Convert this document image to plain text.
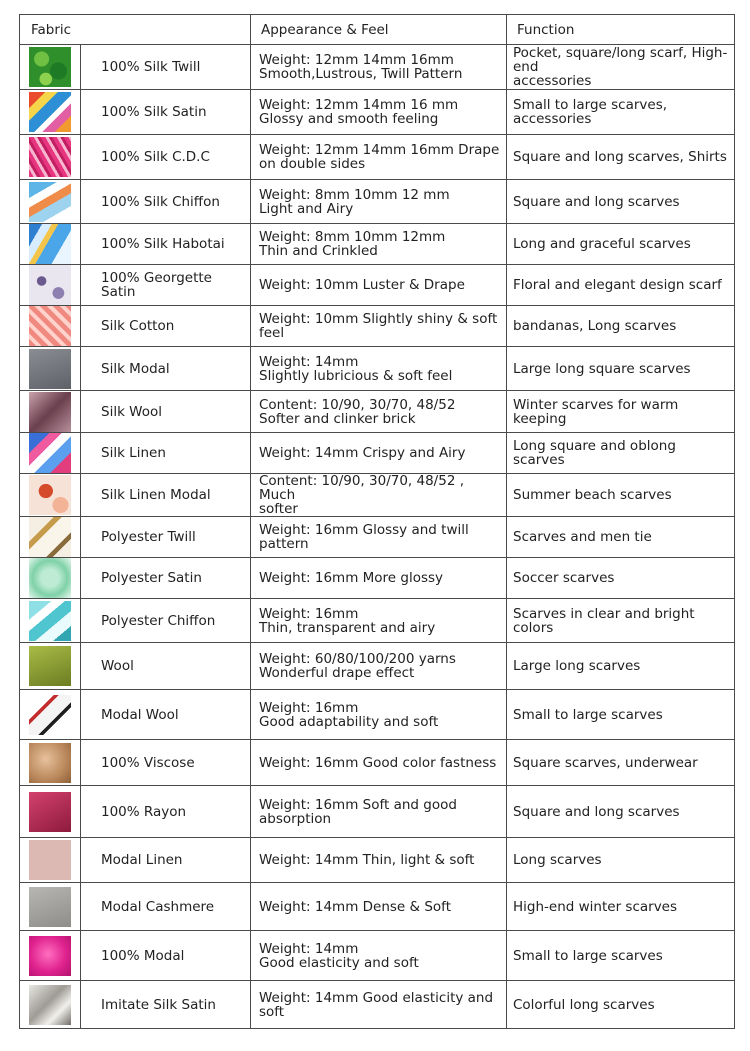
Fabric		Appearance & Feel	Function
	100% Silk Twill	Weight: 12mm 14mm 16mm
Smooth,Lustrous, Twill Pattern	Pocket, square/long scarf, High-end
accessories

	100% Silk Satin	Weight: 12mm 14mm 16 mm
Glossy and smooth feeling	Small to large scarves, accessories

	100% Silk C.D.C	Weight: 12mm 14mm 16mm Drape
on double sides	Square and long scarves, Shirts

	100% Silk Chiffon	Weight: 8mm 10mm 12 mm
Light and Airy	Square and long scarves

	100% Silk Habotai	Weight: 8mm 10mm 12mm
Thin and Crinkled	Long and graceful scarves

	100% Georgette Satin	Weight: 10mm Luster & Drape	Floral and elegant design scarf

	Silk Cotton	Weight: 10mm Slightly shiny & soft
feel	bandanas, Long scarves

	Silk Modal	Weight: 14mm
Slightly lubricious & soft feel	Large long square scarves

	Silk Wool	Content: 10/90, 30/70, 48/52
Softer and clinker brick	Winter scarves for warm
keeping

	Silk Linen	Weight: 14mm Crispy and Airy	Long square and oblong
scarves

	Silk Linen Modal	Content: 10/90, 30/70, 48/52 , Much
softer	Summer beach scarves

	Polyester Twill	Weight: 16mm Glossy and twill pattern	Scarves and men tie

	Polyester Satin	Weight: 16mm More glossy	Soccer scarves

	Polyester Chiffon	Weight: 16mm
Thin, transparent and airy	Scarves in clear and bright
colors

	Wool	Weight: 60/80/100/200 yarns
Wonderful drape effect	Large long scarves

	Modal Wool	Weight: 16mm
Good adaptability and soft	Small to large scarves

	100% Viscose	Weight: 16mm Good color fastness	Square scarves, underwear

	100% Rayon	Weight: 16mm Soft and good
absorption	Square and long scarves

	Modal Linen	Weight: 14mm Thin, light & soft	Long scarves

	Modal Cashmere	Weight: 14mm Dense & Soft	High-end winter scarves

	100% Modal	Weight: 14mm
Good elasticity and soft	Small to large scarves

	Imitate Silk Satin	Weight: 14mm Good elasticity and soft	Colorful long scarves
